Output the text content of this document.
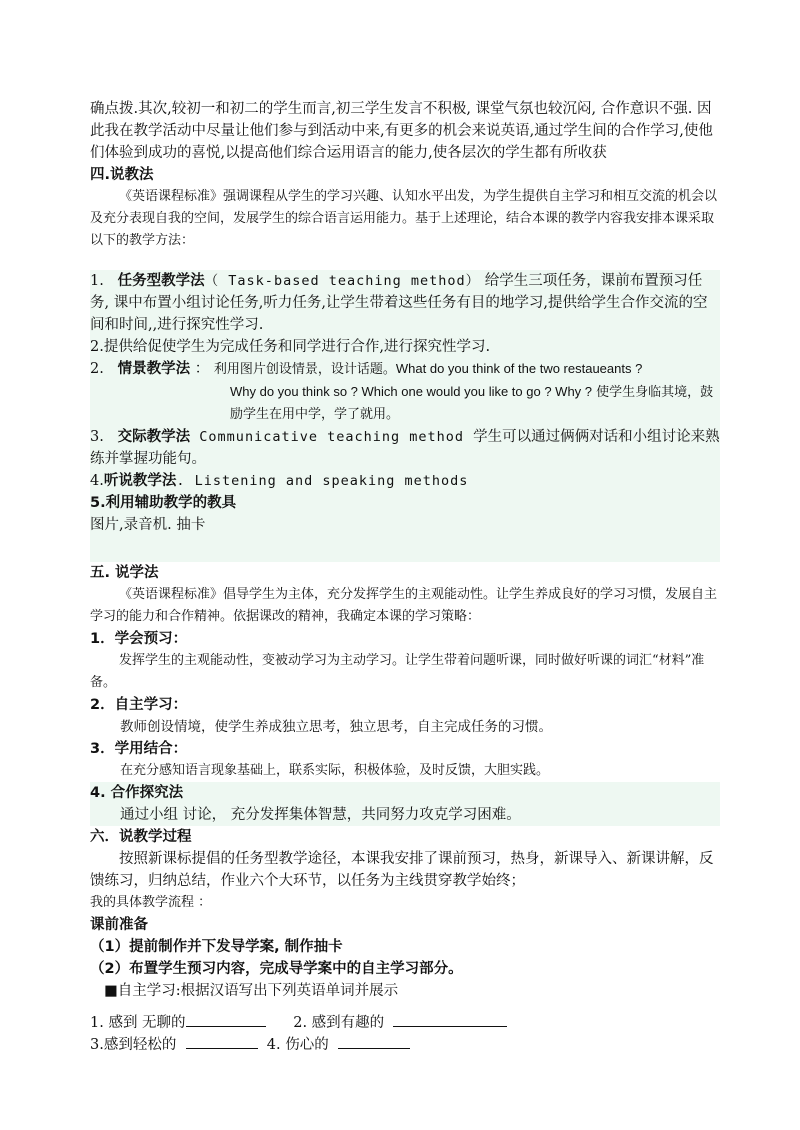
确点拨.其次,较初一和初二的学生而言,初三学生发言不积极, 课堂气氛也较沉闷, 合作意识不强. 因此我在教学活动中尽量让他们参与到活动中来,有更多的机会来说英语,通过学生间的合作学习,使他们体验到成功的喜悦,以提高他们综合运用语言的能力,使各层次的学生都有所收获

四.说教法

《英语课程标准》强调课程从学生的学习兴趣、认知水平出发，为学生提供自主学习和相互交流的机会以及充分表现自我的空间，发展学生的综合语言运用能力。基于上述理论，结合本课的教学内容我安排本课采取以下的教学方法：

1. 任务型教学法（ Task-based teaching method） 给学生三项任务，课前布置预习任务, 课中布置小组讨论任务,听力任务,让学生带着这些任务有目的地学习,提供给学生合作交流的空间和时间,,进行探究性学习.

2.提供给促使学生为完成任务和同学进行合作,进行探究性学习.

2. 情景教学法 ： 利用图片创设情景，设计话题。What do you think of the two restaueants ?

Why do you think so ? Which one would you like to go ? Why ? 使学生身临其境，鼓励学生在用中学，学了就用。

3. 交际教学法 Communicative teaching method 学生可以通过俩俩对话和小组讨论来熟练并掌握功能句。

4.听说教学法. Listening and speaking methods

5.利用辅助教学的教具

图片,录音机. 抽卡

五. 说学法

《英语课程标准》倡导学生为主体，充分发挥学生的主观能动性。让学生养成良好的学习习惯，发展自主学习的能力和合作精神。依据课改的精神，我确定本课的学习策略：

1．学会预习：

发挥学生的主观能动性，变被动学习为主动学习。让学生带着问题听课，同时做好听课的词汇“材料”准备。

2．自主学习：

教师创设情境，使学生养成独立思考，独立思考，自主完成任务的习惯。

3．学用结合：

在充分感知语言现象基础上，联系实际，积极体验，及时反馈，大胆实践。

4. 合作探究法

通过小组 讨论， 充分发挥集体智慧，共同努力攻克学习困难。

六．说教学过程

按照新课标提倡的任务型教学途径，本课我安排了课前预习，热身，新课导入、新课讲解，反馈练习，归纳总结，作业六个大环节，以任务为主线贯穿教学始终；

我的具体教学流程 ：

课前准备

（1）提前制作并下发导学案, 制作抽卡

（2）布置学生预习内容，完成导学案中的自主学习部分。

■自主学习:根据汉语写出下列英语单词并展示

1. 感到 无聊的	2. 感到有趣的

3.感到轻松的	4. 伤心的
